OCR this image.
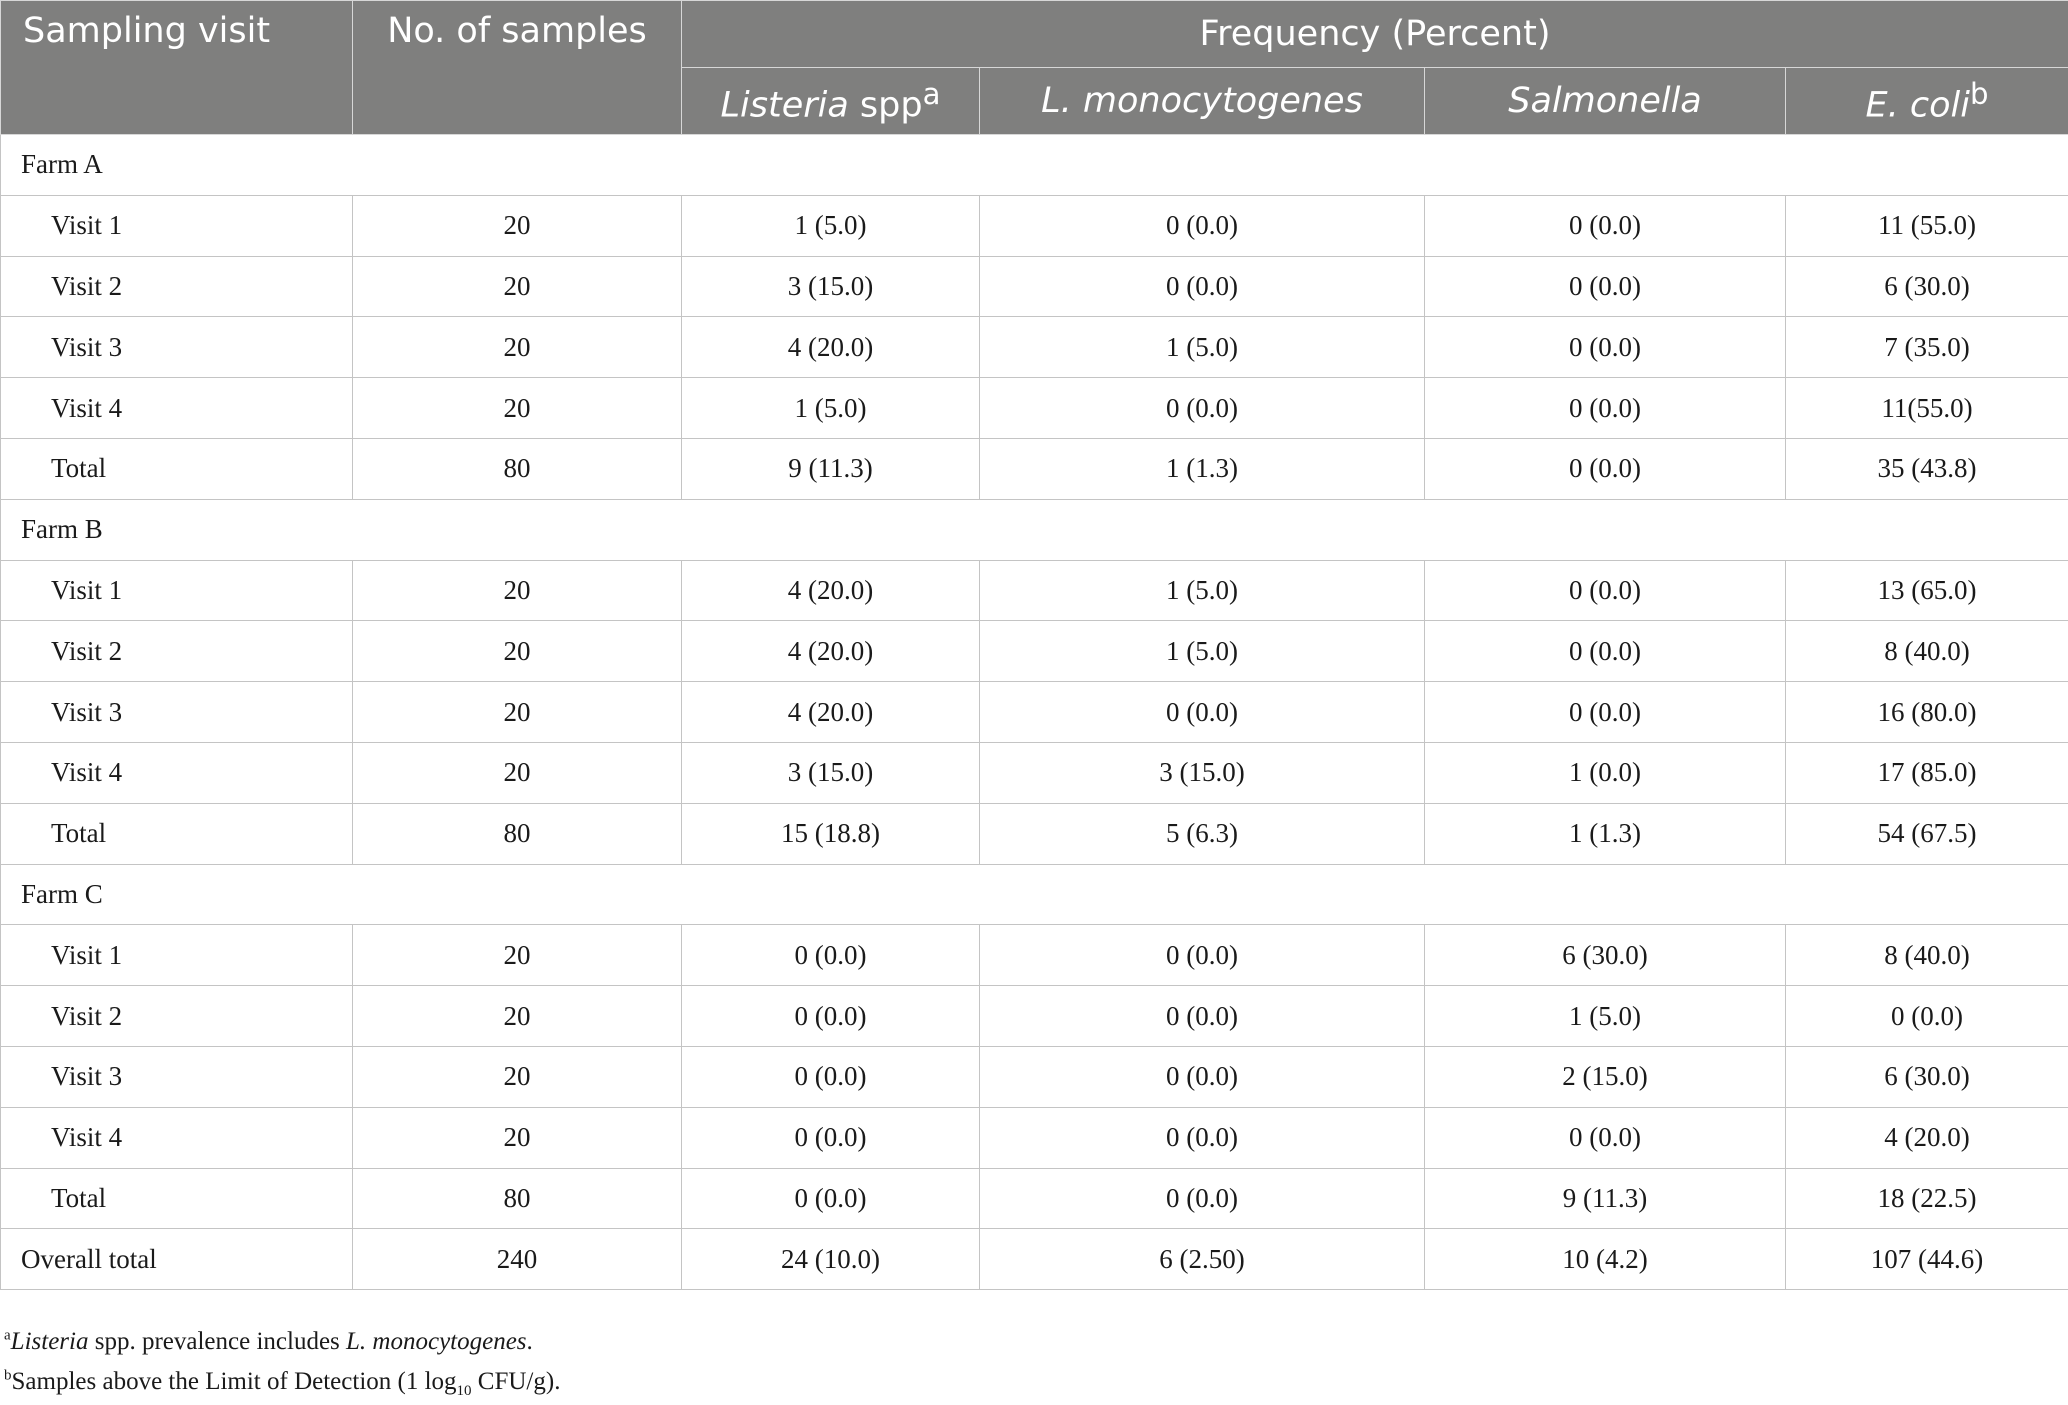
Sampling visit	No. of samples	Frequency (Percent)			
		Listeria spp$^a$	L. monocytogenes	Salmonella	E. coli$^b$
Farm A					
Visit 1	20	1 (5.0)	0 (0.0)	0 (0.0)	11 (55.0)
Visit 2	20	3 (15.0)	0 (0.0)	0 (0.0)	6 (30.0)
Visit 3	20	4 (20.0)	1 (5.0)	0 (0.0)	7 (35.0)
Visit 4	20	1 (5.0)	0 (0.0)	0 (0.0)	11(55.0)
Total	80	9 (11.3)	1 (1.3)	0 (0.0)	35 (43.8)
Farm B					
Visit 1	20	4 (20.0)	1 (5.0)	0 (0.0)	13 (65.0)
Visit 2	20	4 (20.0)	1 (5.0)	0 (0.0)	8 (40.0)
Visit 3	20	4 (20.0)	0 (0.0)	0 (0.0)	16 (80.0)
Visit 4	20	3 (15.0)	3 (15.0)	1 (0.0)	17 (85.0)
Total	80	15 (18.8)	5 (6.3)	1 (1.3)	54 (67.5)
Farm C					
Visit 1	20	0 (0.0)	0 (0.0)	6 (30.0)	8 (40.0)
Visit 2	20	0 (0.0)	0 (0.0)	1 (5.0)	0 (0.0)
Visit 3	20	0 (0.0)	0 (0.0)	2 (15.0)	6 (30.0)
Visit 4	20	0 (0.0)	0 (0.0)	0 (0.0)	4 (20.0)
Total	80	0 (0.0)	0 (0.0)	9 (11.3)	18 (22.5)
Overall total	240	24 (10.0)	6 (2.50)	10 (4.2)	107 (44.6)
$^a$Listeria spp. prevalence includes L. monocytogenes.
$^b$Samples above the Limit of Detection (1 $\log_{10} CFU/g$).
